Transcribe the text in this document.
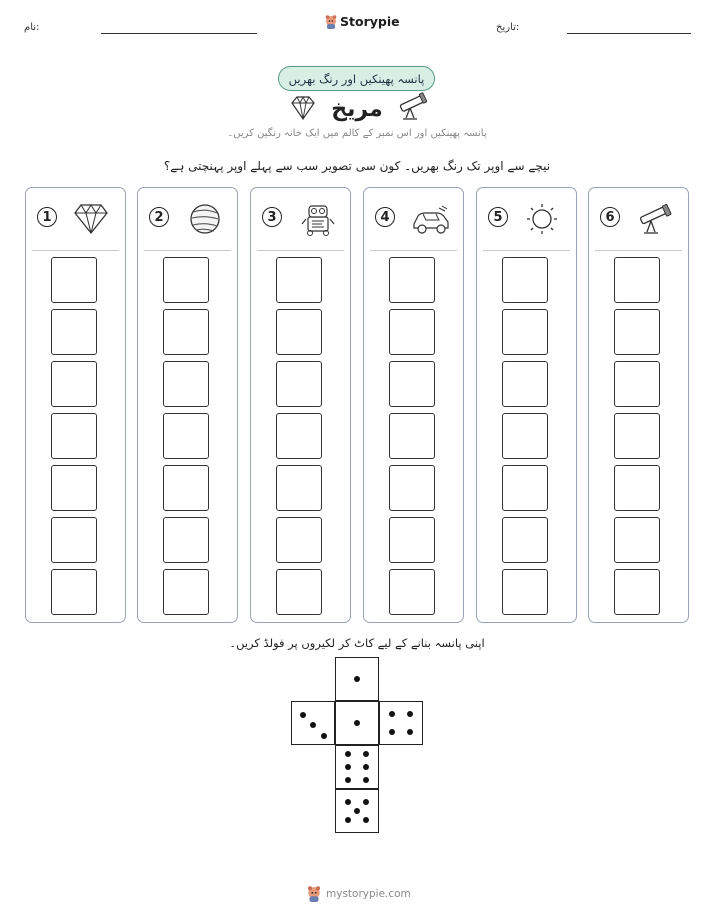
نام:	Storypie	تاریخ:
پانسہ پھینکیں اور رنگ بھریں
مریخ
پانسہ پھینکیں اور اس نمبر کے کالم میں ایک خانہ رنگین کریں۔
نیچے سے اوپر تک رنگ بھریں۔ کون سی تصویر سب سے پہلے اوپر پہنچتی ہے؟
1	2	3	4	5	6
اپنی پانسہ بنانے کے لیے کاٹ کر لکیروں پر فولڈ کریں۔
mystorypie.com
